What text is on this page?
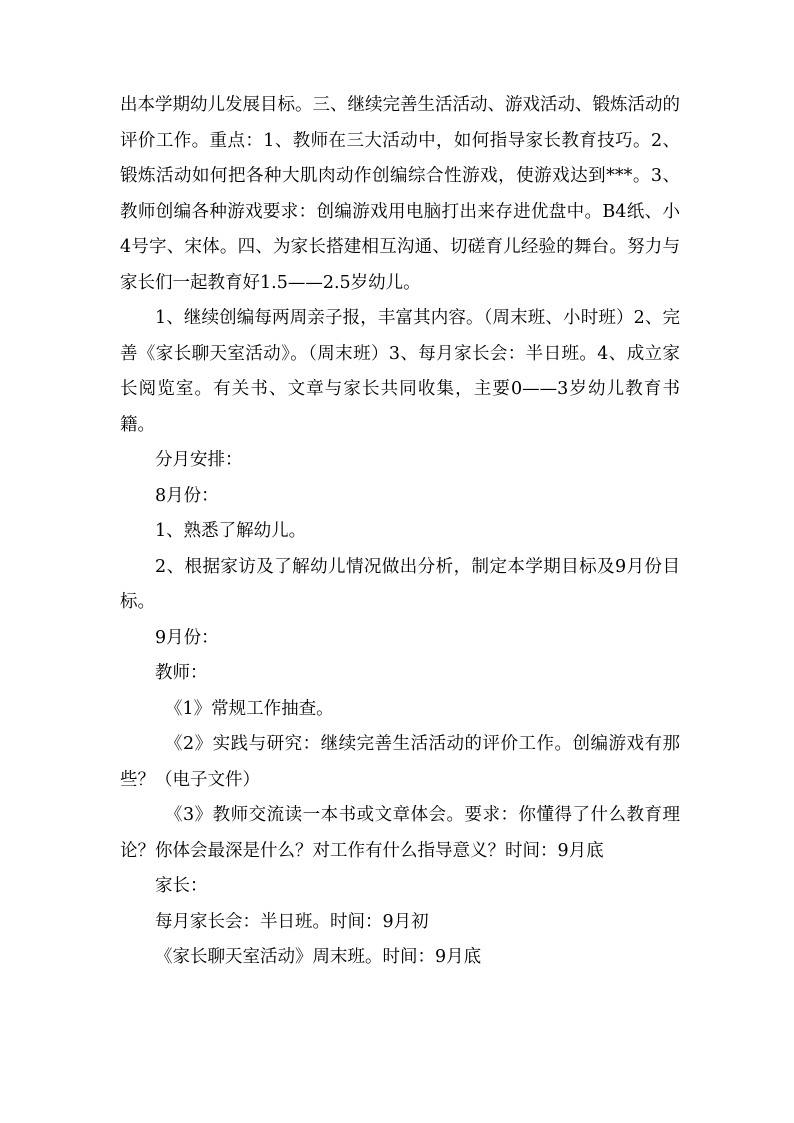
出本学期幼儿发展目标。三、继续完善生活活动、游戏活动、锻炼活动的评价工作。重点：1、教师在三大活动中，如何指导家长教育技巧。2、锻炼活动如何把各种大肌肉动作创编综合性游戏，使游戏达到***。3、教师创编各种游戏要求：创编游戏用电脑打出来存进优盘中。B4纸、小4号字、宋体。四、为家长搭建相互沟通、切磋育儿经验的舞台。努力与家长们一起教育好1.5——2.5岁幼儿。

1、继续创编每两周亲子报，丰富其内容。（周末班、小时班）2、完善《家长聊天室活动》。（周末班）3、每月家长会：半日班。4、成立家长阅览室。有关书、文章与家长共同收集，主要0——3岁幼儿教育书籍。

分月安排：

8月份：

1、熟悉了解幼儿。

2、根据家访及了解幼儿情况做出分析，制定本学期目标及9月份目标。

9月份：

教师：

《1》常规工作抽查。

《2》实践与研究：继续完善生活活动的评价工作。创编游戏有那些？（电子文件）

《3》教师交流读一本书或文章体会。要求：你懂得了什么教育理论？你体会最深是什么？对工作有什么指导意义？时间：9月底

家长：

每月家长会：半日班。时间：9月初

《家长聊天室活动》周末班。时间：9月底
